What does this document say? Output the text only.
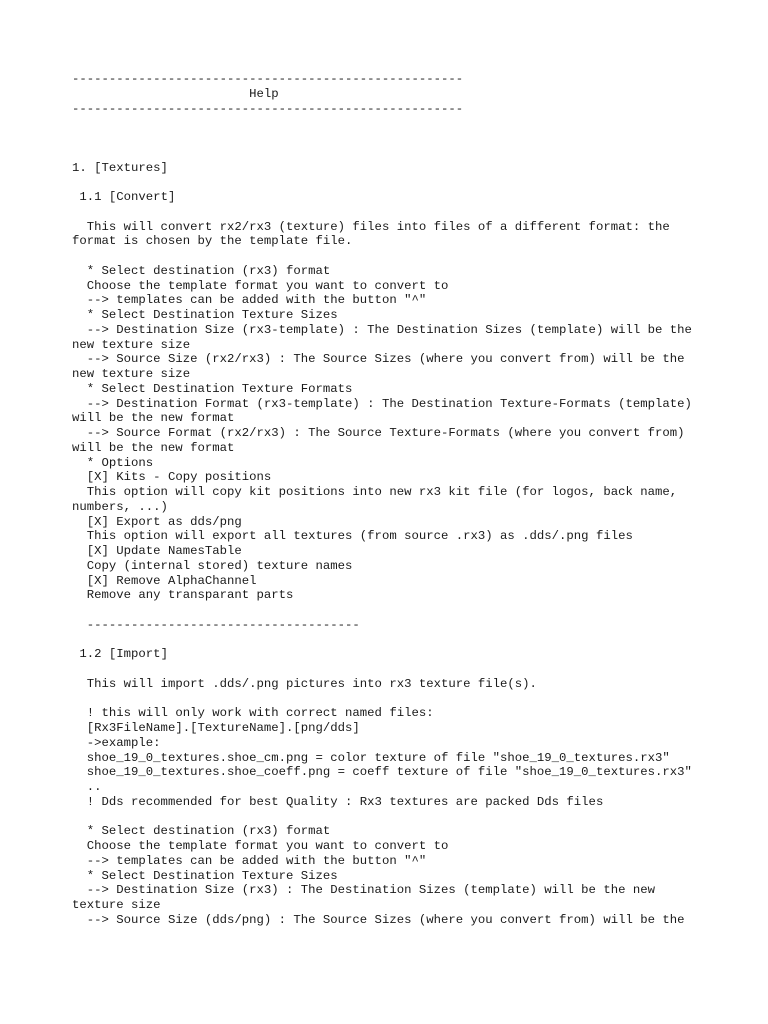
-----------------------------------------------------
Help
-----------------------------------------------------

1. [Textures]

1.1 [Convert]

This will convert rx2/rx3 (texture) files into files of a different format: the format is chosen by the template file.

* Select destination (rx3) format
Choose the template format you want to convert to
--> templates can be added with the button "^"
* Select Destination Texture Sizes
--> Destination Size (rx3-template) : The Destination Sizes (template) will be the new texture size
--> Source Size (rx2/rx3) : The Source Sizes (where you convert from) will be the new texture size
* Select Destination Texture Formats
--> Destination Format (rx3-template) : The Destination Texture-Formats (template) will be the new format
--> Source Format (rx2/rx3) : The Source Texture-Formats (where you convert from) will be the new format
* Options
[X] Kits - Copy positions
This option will copy kit positions into new rx3 kit file (for logos, back name, numbers, ...)
[X] Export as dds/png
This option will export all textures (from source .rx3) as .dds/.png files
[X] Update NamesTable
Copy (internal stored) texture names
[X] Remove AlphaChannel
Remove any transparant parts

-------------------------------------

1.2 [Import]

This will import .dds/.png pictures into rx3 texture file(s).

! this will only work with correct named files:
[Rx3FileName].[TextureName].[png/dds]
->example:
shoe_19_0_textures.shoe_cm.png = color texture of file "shoe_19_0_textures.rx3"
shoe_19_0_textures.shoe_coeff.png = coeff texture of file "shoe_19_0_textures.rx3"
..
! Dds recommended for best Quality : Rx3 textures are packed Dds files

* Select destination (rx3) format
Choose the template format you want to convert to
--> templates can be added with the button "^"
* Select Destination Texture Sizes
--> Destination Size (rx3) : The Destination Sizes (template) will be the new texture size
--> Source Size (dds/png) : The Source Sizes (where you convert from) will be the
